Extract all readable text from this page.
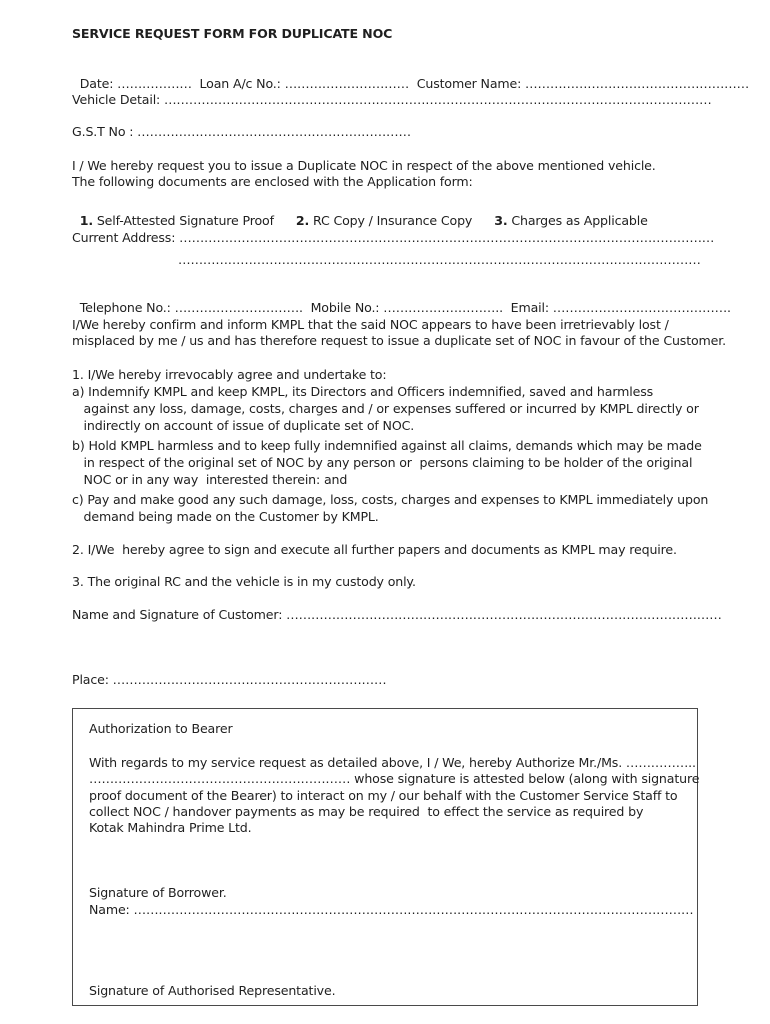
SERVICE REQUEST FORM FOR DUPLICATE NOC

Date: ………………  Loan A/c No.: …………………………  Customer Name: ………………………………………………

Vehicle Detail: ……………………………………………………………………………………………………………………
G.S.T No : …………………………………………………………
I / We hereby request you to issue a Duplicate NOC in respect of the above mentioned vehicle.
The following documents are enclosed with the Application form:

1. Self-Attested Signature Proof 2. RC Copy / Insurance Copy 3. Charges as Applicable

Current Address: …………………………………………………………………………………………………………………
………………………………………………………………………………………………………………

Telephone No.: ………………………….  Mobile No.: ………………………..  Email: …………………………………….

I/We hereby confirm and inform KMPL that the said NOC appears to have been irretrievably lost /
misplaced by me / us and has therefore request to issue a duplicate set of NOC in favour of the Customer.
1. I/We hereby irrevocably agree and undertake to:
a) Indemnify KMPL and keep KMPL, its Directors and Officers indemnified, saved and harmless
against any loss, damage, costs, charges and / or expenses suffered or incurred by KMPL directly or
indirectly on account of issue of duplicate set of NOC.
b) Hold KMPL harmless and to keep fully indemnified against all claims, demands which may be made
in respect of the original set of NOC by any person or  persons claiming to be holder of the original
NOC or in any way  interested therein: and
c) Pay and make good any such damage, loss, costs, charges and expenses to KMPL immediately upon
demand being made on the Customer by KMPL.
2. I/We  hereby agree to sign and execute all further papers and documents as KMPL may require.
3. The original RC and the vehicle is in my custody only.
Name and Signature of Customer: ……………………………………………………………………………………………
Place: …………………………………………………………
Authorization to Bearer
With regards to my service request as detailed above, I / We, hereby Authorize Mr./Ms. ……………..
……………………………………………………… whose signature is attested below (along with signature
proof document of the Bearer) to interact on my / our behalf with the Customer Service Staff to
collect NOC / handover payments as may be required  to effect the service as required by
Kotak Mahindra Prime Ltd.
Signature of Borrower.
Name: ………………………………………………………………………………………………………………………
Signature of Authorised Representative.
